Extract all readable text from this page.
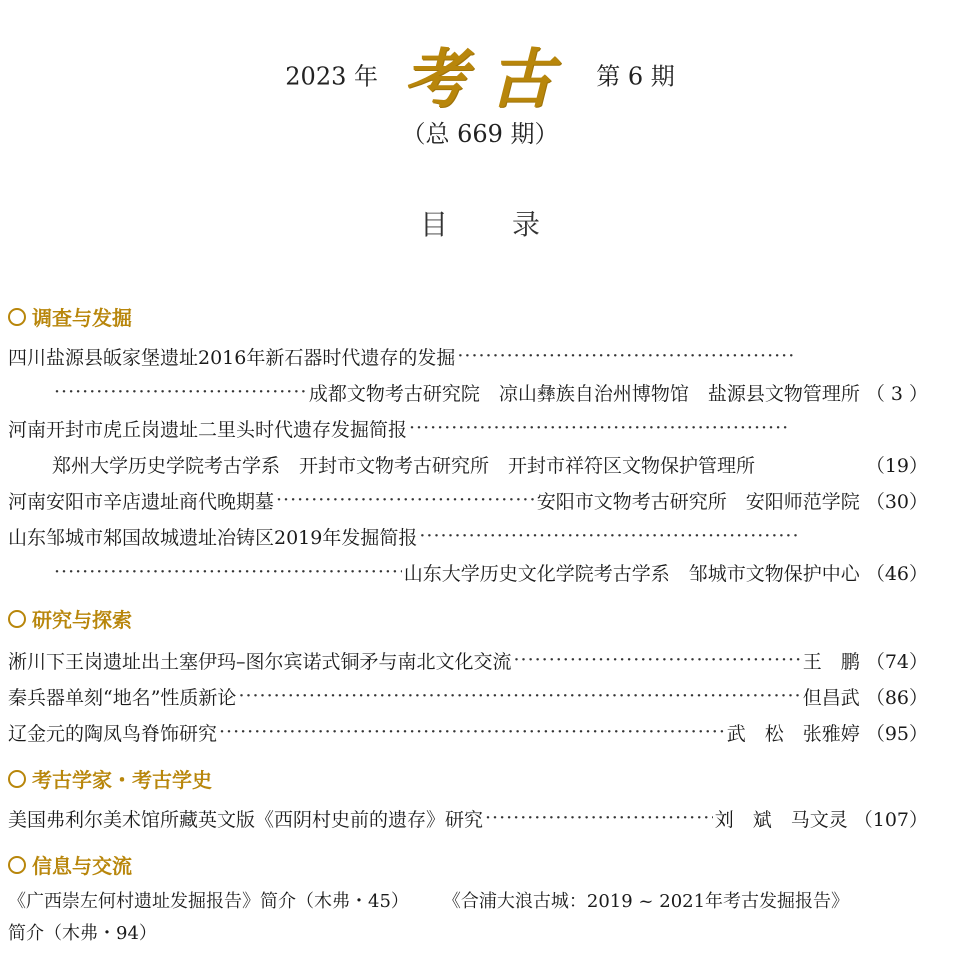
2023 年 考古 第 6 期
（总 669 期）
目录
调查与发掘
四川盐源县皈家堡遗址2016年新石器时代遗存的发掘
·····
·····
成都文物考古研究院　凉山彝族自治州博物馆　盐源县文物管理所 （ 3 ）
河南开封市虎丘岗遗址二里头时代遗存发掘简报
·····
郑州大学历史学院考古学系　开封市文物考古研究所　开封市祥符区文物保护管理所	（19）
河南安阳市辛店遗址商代晚期墓 ·····	安阳市文物考古研究所　安阳师范学院 （30）
山东邹城市邾国故城遗址冶铸区2019年发掘简报
·····
·····
山东大学历史文化学院考古学系　邹城市文物保护中心 （46）
研究与探索
淅川下王岗遗址出土塞伊玛–图尔宾诺式铜矛与南北文化交流 ·····	王　鹏 （74）
秦兵器单刻“地名”性质新论 ·····	但昌武 （86）
辽金元的陶凤鸟脊饰研究 ·····	武　松　张雅婷 （95）
考古学家・考古学史
美国弗利尔美术馆所藏英文版《西阴村史前的遗存》研究 ·····	刘　斌　马文灵 （107）
信息与交流
《广西崇左何村遗址发掘报告》简介（木弗・45） 《合浦大浪古城：2019 ~ 2021年考古发掘报告》
简介（木弗・94）
